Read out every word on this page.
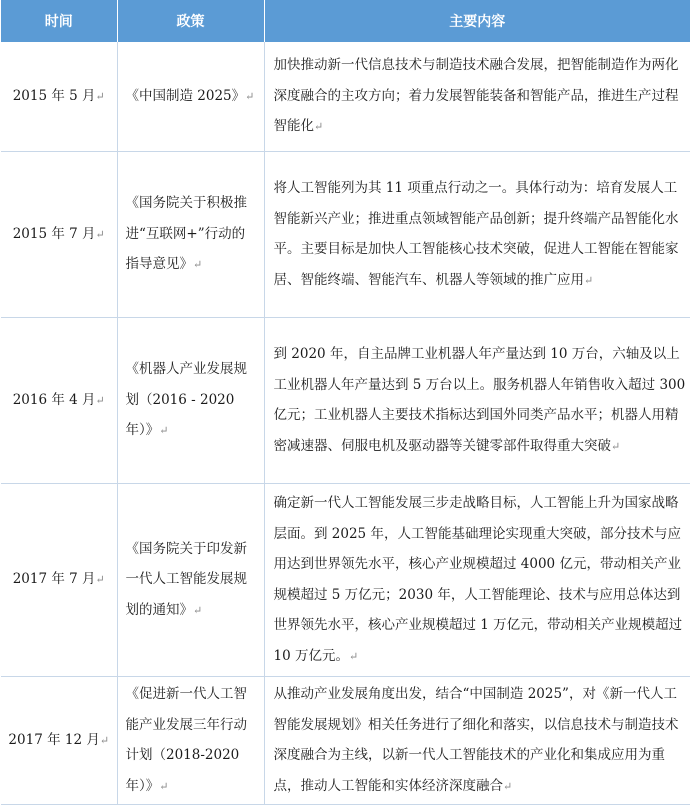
时间	政策	主要内容
2015 年 5 月↵	《中国制造 2025》↵	加快推动新一代信息技术与制造技术融合发展，把智能制造作为两化深度融合的主攻方向；着力发展智能装备和智能产品，推进生产过程智能化↵
2015 年 7 月↵	《国务院关于积极推进“互联网+”行动的指导意见》↵	将人工智能列为其 11 项重点行动之一。具体行动为：培育发展人工智能新兴产业；推进重点领域智能产品创新；提升终端产品智能化水平。主要目标是加快人工智能核心技术突破，促进人工智能在智能家居、智能终端、智能汽车、机器人等领域的推广应用↵
2016 年 4 月↵	《机器人产业发展规划（2016 - 2020 年）》↵	到 2020 年，自主品牌工业机器人年产量达到 10 万台，六轴及以上工业机器人年产量达到 5 万台以上。服务机器人年销售收入超过 300 亿元；工业机器人主要技术指标达到国外同类产品水平；机器人用精密减速器、伺服电机及驱动器等关键零部件取得重大突破↵
2017 年 7 月↵	《国务院关于印发新一代人工智能发展规划的通知》↵	确定新一代人工智能发展三步走战略目标，人工智能上升为国家战略层面。到 2025 年，人工智能基础理论实现重大突破，部分技术与应用达到世界领先水平，核心产业规模超过 4000 亿元，带动相关产业规模超过 5 万亿元；2030 年，人工智能理论、技术与应用总体达到世界领先水平，核心产业规模超过 1 万亿元，带动相关产业规模超过 10 万亿元。↵
2017 年 12 月↵	《促进新一代人工智能产业发展三年行动计划（2018-2020 年）》↵	从推动产业发展角度出发，结合“中国制造 2025”，对《新一代人工智能发展规划》相关任务进行了细化和落实，以信息技术与制造技术深度融合为主线，以新一代人工智能技术的产业化和集成应用为重点，推动人工智能和实体经济深度融合↵
